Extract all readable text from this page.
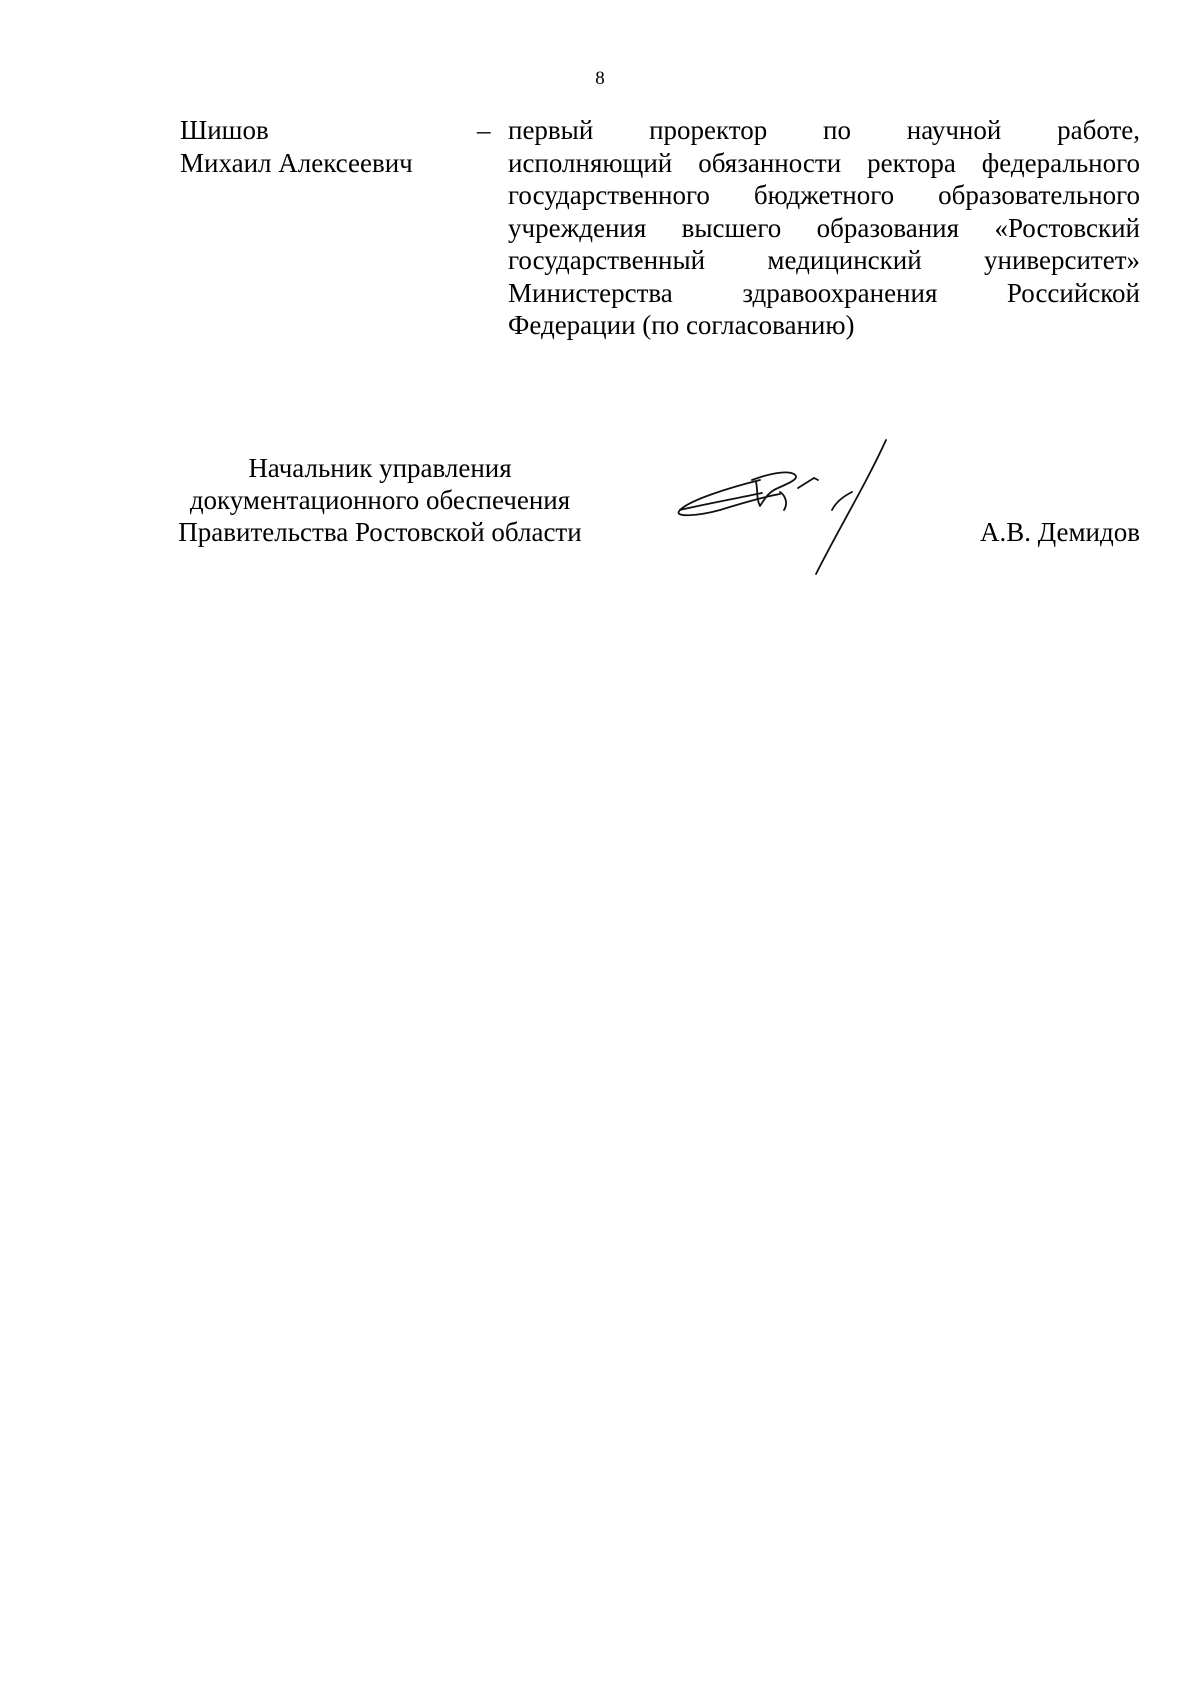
8
Шишов
Михаил Алексеевич
– первый проректор по научной работе,
исполняющий обязанности ректора федерального
государственного бюджетного образовательного
учреждения высшего образования «Ростовский
государственный медицинский университет»
Министерства здравоохранения Российской
Федерации (по согласованию)
Начальник управления
документационного обеспечения
Правительства Ростовской области	А.В. Демидов
